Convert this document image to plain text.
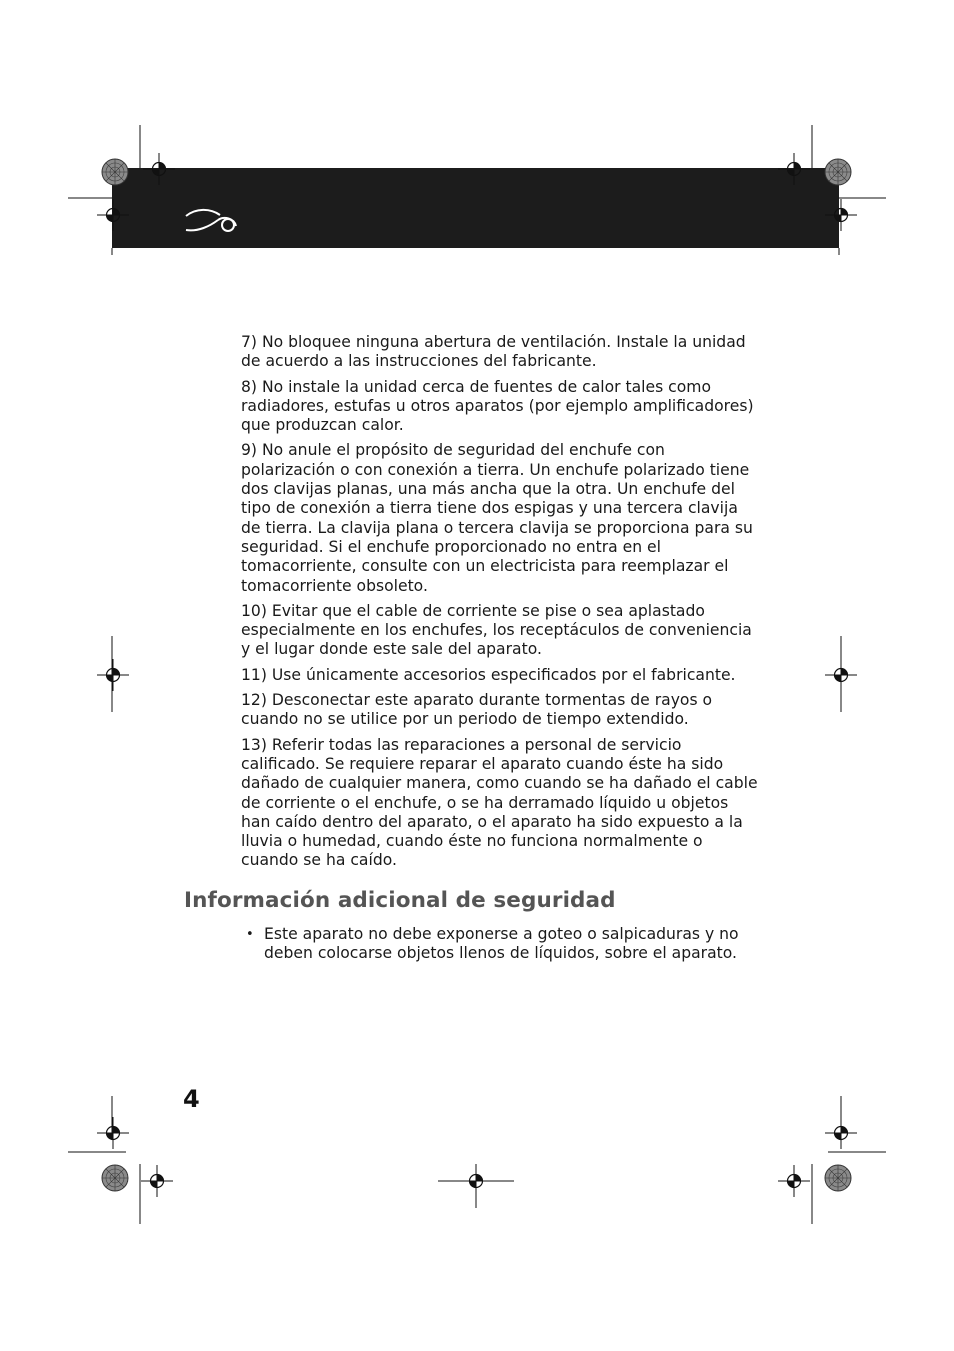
7) No bloquee ninguna abertura de ventilación. Instale la unidad de acuerdo a las instrucciones del fabricante.

8) No instale la unidad cerca de fuentes de calor tales como radiadores, estufas u otros aparatos (por ejemplo amplificadores) que produzcan calor.

9) No anule el propósito de seguridad del enchufe con polarización o con conexión a tierra. Un enchufe polarizado tiene dos clavijas planas, una más ancha que la otra. Un enchufe del tipo de conexión a tierra tiene dos espigas y una tercera clavija de tierra. La clavija plana o tercera clavija se proporciona para su seguridad. Si el enchufe proporcionado no entra en el tomacorriente, consulte con un electricista para reemplazar el tomacorriente obsoleto.

10) Evitar que el cable de corriente se pise o sea aplastado especialmente en los enchufes, los receptáculos de conveniencia y el lugar donde este sale del aparato.

11) Use únicamente accesorios especificados por el fabricante.

12) Desconectar este aparato durante tormentas de rayos o cuando no se utilice por un periodo de tiempo extendido.

13) Referir todas las reparaciones a personal de servicio calificado. Se requiere reparar el aparato cuando éste ha sido dañado de cualquier manera, como cuando se ha dañado el cable de corriente o el enchufe, o se ha derramado líquido u objetos han caído dentro del aparato, o el aparato ha sido expuesto a la lluvia o humedad, cuando éste no funciona normalmente o cuando se ha caído.

Información adicional de seguridad
• Este aparato no debe exponerse a goteo o salpicaduras y no deben colocarse objetos llenos de líquidos, sobre el aparato.
4
